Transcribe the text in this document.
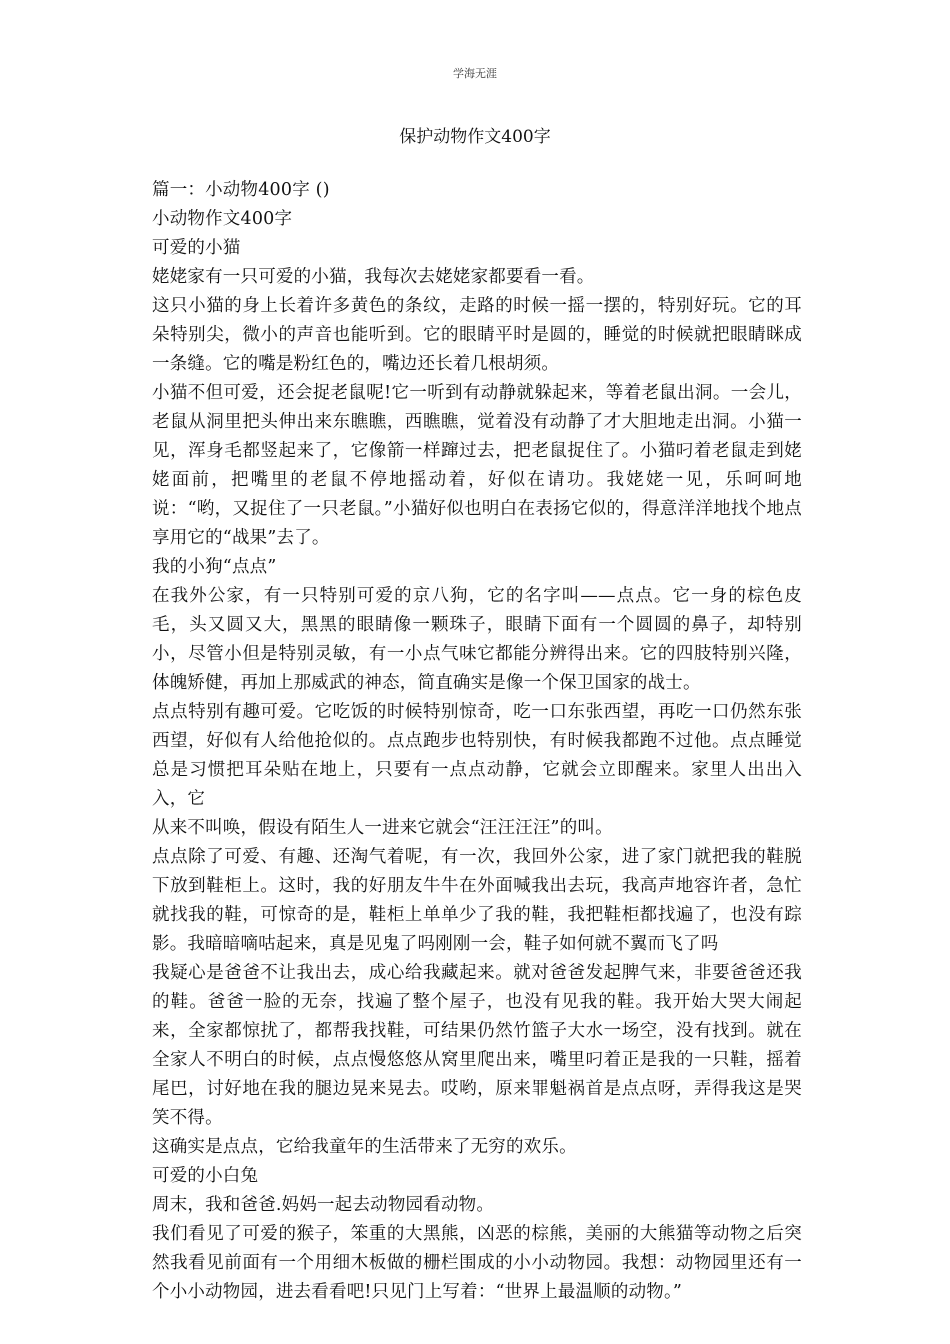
学海无涯
保护动物作文400字

篇一：小动物400字 ()

小动物作文400字

可爱的小猫

姥姥家有一只可爱的小猫，我每次去姥姥家都要看一看。

这只小猫的身上长着许多黄色的条纹，走路的时候一摇一摆的，特别好玩。它的耳朵特别尖，微小的声音也能听到。它的眼睛平时是圆的，睡觉的时候就把眼睛眯成一条缝。它的嘴是粉红色的，嘴边还长着几根胡须。

小猫不但可爱，还会捉老鼠呢!它一听到有动静就躲起来，等着老鼠出洞。一会儿，老鼠从洞里把头伸出来东瞧瞧，西瞧瞧，觉着没有动静了才大胆地走出洞。小猫一见，浑身毛都竖起来了，它像箭一样蹿过去，把老鼠捉住了。小猫叼着老鼠走到姥姥面前，把嘴里的老鼠不停地摇动着，好似在请功。我姥姥一见，乐呵呵地说：“哟，又捉住了一只老鼠。”小猫好似也明白在表扬它似的，得意洋洋地找个地点享用它的“战果”去了。

我的小狗“点点”

在我外公家，有一只特别可爱的京八狗，它的名字叫——点点。它一身的棕色皮毛，头又圆又大，黑黑的眼睛像一颗珠子，眼睛下面有一个圆圆的鼻子，却特别小，尽管小但是特别灵敏，有一小点气味它都能分辨得出来。它的四肢特别兴隆，体魄矫健，再加上那威武的神态，简直确实是像一个保卫国家的战士。

点点特别有趣可爱。它吃饭的时候特别惊奇，吃一口东张西望，再吃一口仍然东张西望，好似有人给他抢似的。点点跑步也特别快，有时候我都跑不过他。点点睡觉总是习惯把耳朵贴在地上，只要有一点点动静，它就会立即醒来。家里人出出入入，它

从来不叫唤，假设有陌生人一进来它就会“汪汪汪汪”的叫。

点点除了可爱、有趣、还淘气着呢，有一次，我回外公家，进了家门就把我的鞋脱下放到鞋柜上。这时，我的好朋友牛牛在外面喊我出去玩，我高声地容许者，急忙就找我的鞋，可惊奇的是，鞋柜上单单少了我的鞋，我把鞋柜都找遍了，也没有踪影。我暗暗嘀咕起来，真是见鬼了吗刚刚一会，鞋子如何就不翼而飞了吗

我疑心是爸爸不让我出去，成心给我藏起来。就对爸爸发起脾气来，非要爸爸还我的鞋。爸爸一脸的无奈，找遍了整个屋子，也没有见我的鞋。我开始大哭大闹起来，全家都惊扰了，都帮我找鞋，可结果仍然竹篮子大水一场空，没有找到。就在全家人不明白的时候，点点慢悠悠从窝里爬出来，嘴里叼着正是我的一只鞋，摇着尾巴，讨好地在我的腿边晃来晃去。哎哟，原来罪魁祸首是点点呀，弄得我这是哭笑不得。

这确实是点点，它给我童年的生活带来了无穷的欢乐。

可爱的小白兔

周末，我和爸爸.妈妈一起去动物园看动物。

我们看见了可爱的猴子，笨重的大黑熊，凶恶的棕熊，美丽的大熊猫等动物之后突然我看见前面有一个用细木板做的栅栏围成的小小动物园。我想：动物园里还有一个小小动物园，进去看看吧!只见门上写着：“世界上最温顺的动物。”
